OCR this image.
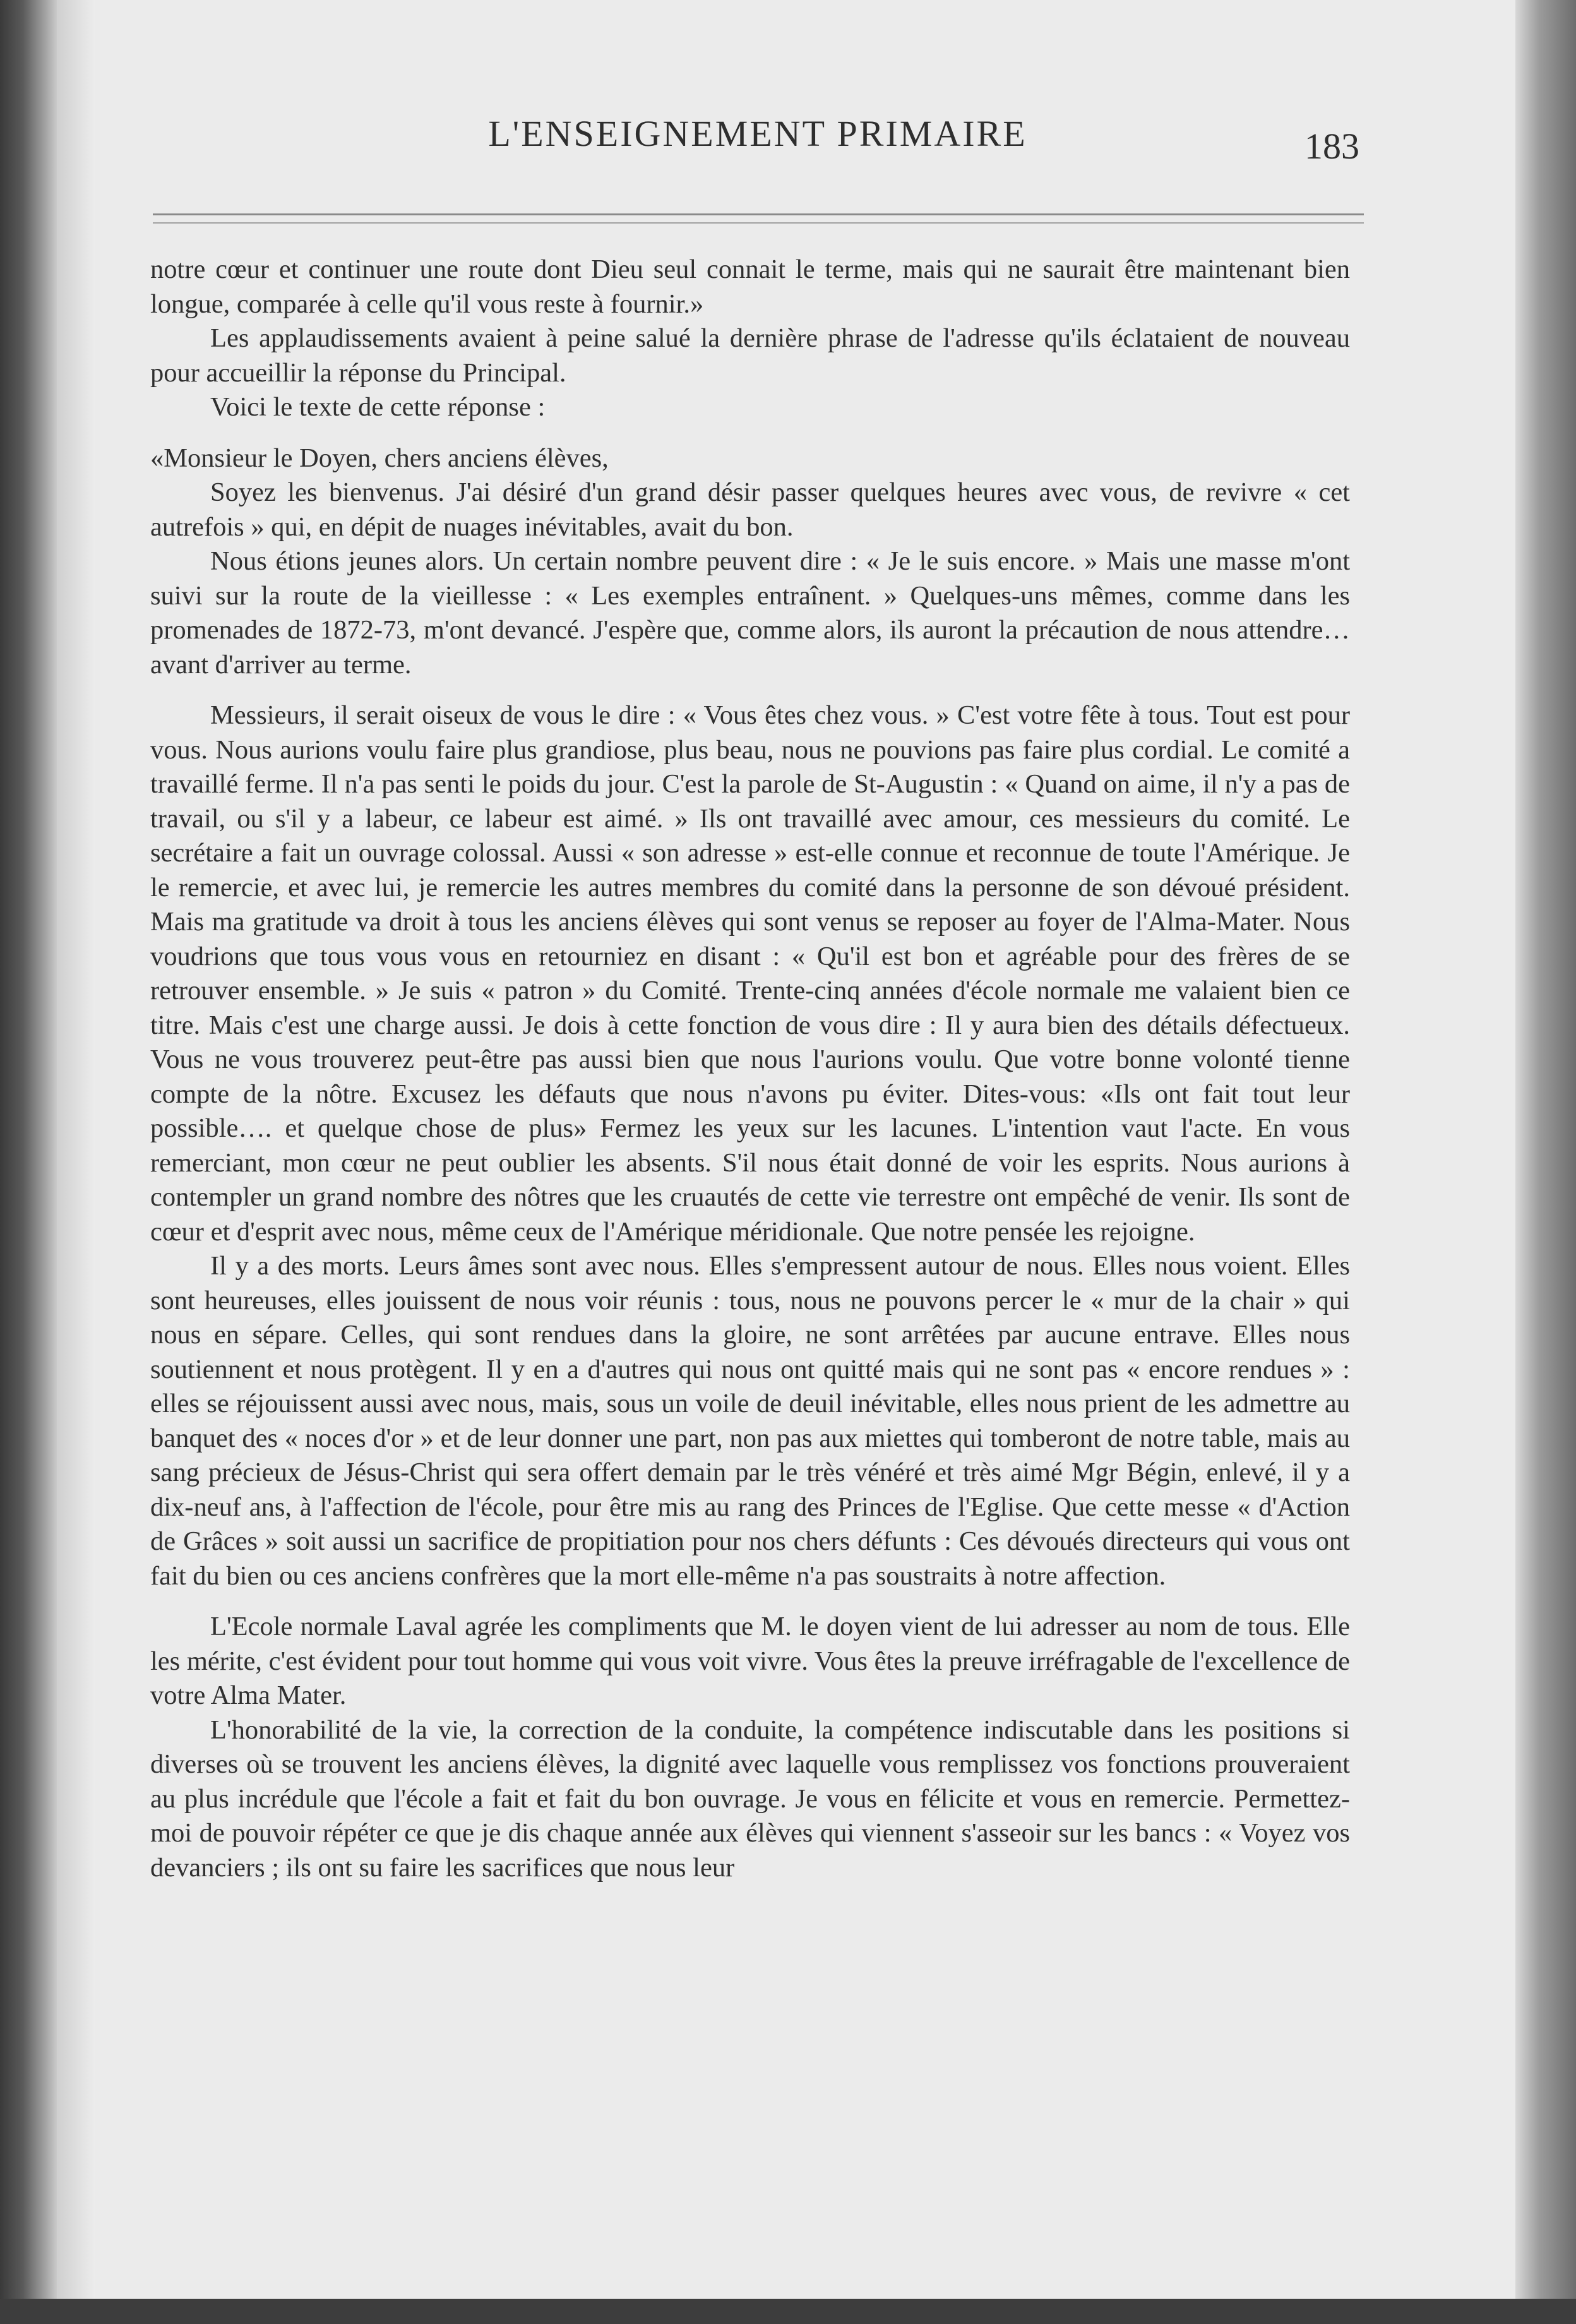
L'ENSEIGNEMENT PRIMAIRE	183

notre cœur et continuer une route dont Dieu seul connait le terme, mais qui ne saurait être maintenant bien longue, comparée à celle qu'il vous reste à fournir.»

Les applaudissements avaient à peine salué la dernière phrase de l'adresse qu'ils éclataient de nouveau pour accueillir la réponse du Principal.

Voici le texte de cette réponse :

«Monsieur le Doyen, chers anciens élèves,

Soyez les bienvenus. J'ai désiré d'un grand désir passer quelques heures avec vous, de revivre « cet autrefois » qui, en dépit de nuages inévitables, avait du bon.

Nous étions jeunes alors. Un certain nombre peuvent dire : « Je le suis encore. » Mais une masse m'ont suivi sur la route de la vieillesse : « Les exemples entraînent. » Quelques-uns mêmes, comme dans les promenades de 1872-73, m'ont devancé. J'espère que, comme alors, ils auront la précaution de nous attendre… avant d'arriver au terme.

Messieurs, il serait oiseux de vous le dire : « Vous êtes chez vous. » C'est votre fête à tous. Tout est pour vous. Nous aurions voulu faire plus grandiose, plus beau, nous ne pouvions pas faire plus cordial. Le comité a travaillé ferme. Il n'a pas senti le poids du jour. C'est la parole de St-Augustin : « Quand on aime, il n'y a pas de travail, ou s'il y a labeur, ce labeur est aimé. » Ils ont travaillé avec amour, ces messieurs du comité. Le secrétaire a fait un ouvrage colossal. Aussi « son adresse » est-elle connue et reconnue de toute l'Amérique. Je le remercie, et avec lui, je remercie les autres membres du comité dans la personne de son dévoué président. Mais ma gratitude va droit à tous les anciens élèves qui sont venus se reposer au foyer de l'Alma-Mater. Nous voudrions que tous vous vous en retourniez en disant : « Qu'il est bon et agréable pour des frères de se retrouver ensemble. » Je suis « patron » du Comité. Trente-cinq années d'école normale me valaient bien ce titre. Mais c'est une charge aussi. Je dois à cette fonction de vous dire : Il y aura bien des détails défectueux. Vous ne vous trouverez peut-être pas aussi bien que nous l'aurions voulu. Que votre bonne volonté tienne compte de la nôtre. Excusez les défauts que nous n'avons pu éviter. Dites-vous: «Ils ont fait tout leur possible…. et quelque chose de plus» Fermez les yeux sur les lacunes. L'intention vaut l'acte. En vous remerciant, mon cœur ne peut oublier les absents. S'il nous était donné de voir les esprits. Nous aurions à contempler un grand nombre des nôtres que les cruautés de cette vie terrestre ont empêché de venir. Ils sont de cœur et d'esprit avec nous, même ceux de l'Amérique méridionale. Que notre pensée les rejoigne.

Il y a des morts. Leurs âmes sont avec nous. Elles s'empressent autour de nous. Elles nous voient. Elles sont heureuses, elles jouissent de nous voir réunis : tous, nous ne pouvons percer le « mur de la chair » qui nous en sépare. Celles, qui sont rendues dans la gloire, ne sont arrêtées par aucune entrave. Elles nous soutiennent et nous protègent. Il y en a d'autres qui nous ont quitté mais qui ne sont pas « encore rendues » : elles se réjouissent aussi avec nous, mais, sous un voile de deuil inévitable, elles nous prient de les admettre au banquet des « noces d'or » et de leur donner une part, non pas aux miettes qui tomberont de notre table, mais au sang précieux de Jésus-Christ qui sera offert demain par le très vénéré et très aimé Mgr Bégin, enlevé, il y a dix-neuf ans, à l'affection de l'école, pour être mis au rang des Princes de l'Eglise. Que cette messe « d'Action de Grâces » soit aussi un sacrifice de propitiation pour nos chers défunts : Ces dévoués directeurs qui vous ont fait du bien ou ces anciens confrères que la mort elle-même n'a pas soustraits à notre affection.

L'Ecole normale Laval agrée les compliments que M. le doyen vient de lui adresser au nom de tous. Elle les mérite, c'est évident pour tout homme qui vous voit vivre. Vous êtes la preuve irréfragable de l'excellence de votre Alma Mater.

L'honorabilité de la vie, la correction de la conduite, la compétence indiscutable dans les positions si diverses où se trouvent les anciens élèves, la dignité avec laquelle vous remplissez vos fonctions prouveraient au plus incrédule que l'école a fait et fait du bon ouvrage. Je vous en félicite et vous en remercie. Permettez-moi de pouvoir répéter ce que je dis chaque année aux élèves qui viennent s'asseoir sur les bancs : « Voyez vos devanciers ; ils ont su faire les sacrifices que nous leur
